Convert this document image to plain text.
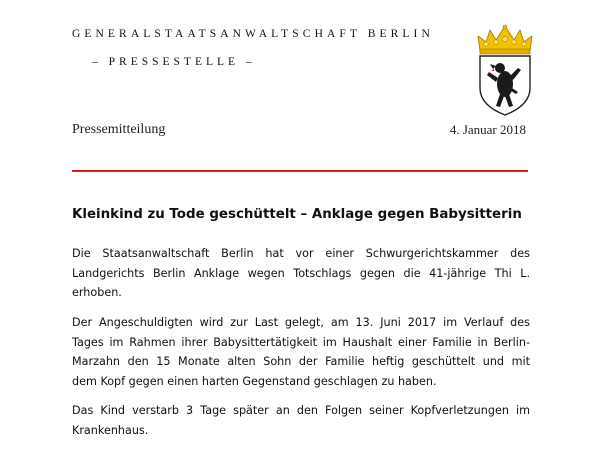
GENERALSTAATSANWALTSCHAFT BERLIN
– PRESSESTELLE –
Pressemitteilung	4. Januar 2018
Kleinkind zu Tode geschüttelt – Anklage gegen Babysitterin
Die Staatsanwaltschaft Berlin hat vor einer Schwurgerichtskammer des
Landgerichts Berlin Anklage wegen Totschlags gegen die 41-jährige Thi L.
erhoben.
Der Angeschuldigten wird zur Last gelegt, am 13. Juni 2017 im Verlauf des
Tages im Rahmen ihrer Babysittertätigkeit im Haushalt einer Familie in Berlin-
Marzahn den 15 Monate alten Sohn der Familie heftig geschüttelt und mit
dem Kopf gegen einen harten Gegenstand geschlagen zu haben.
Das Kind verstarb 3 Tage später an den Folgen seiner Kopfverletzungen im
Krankenhaus.
